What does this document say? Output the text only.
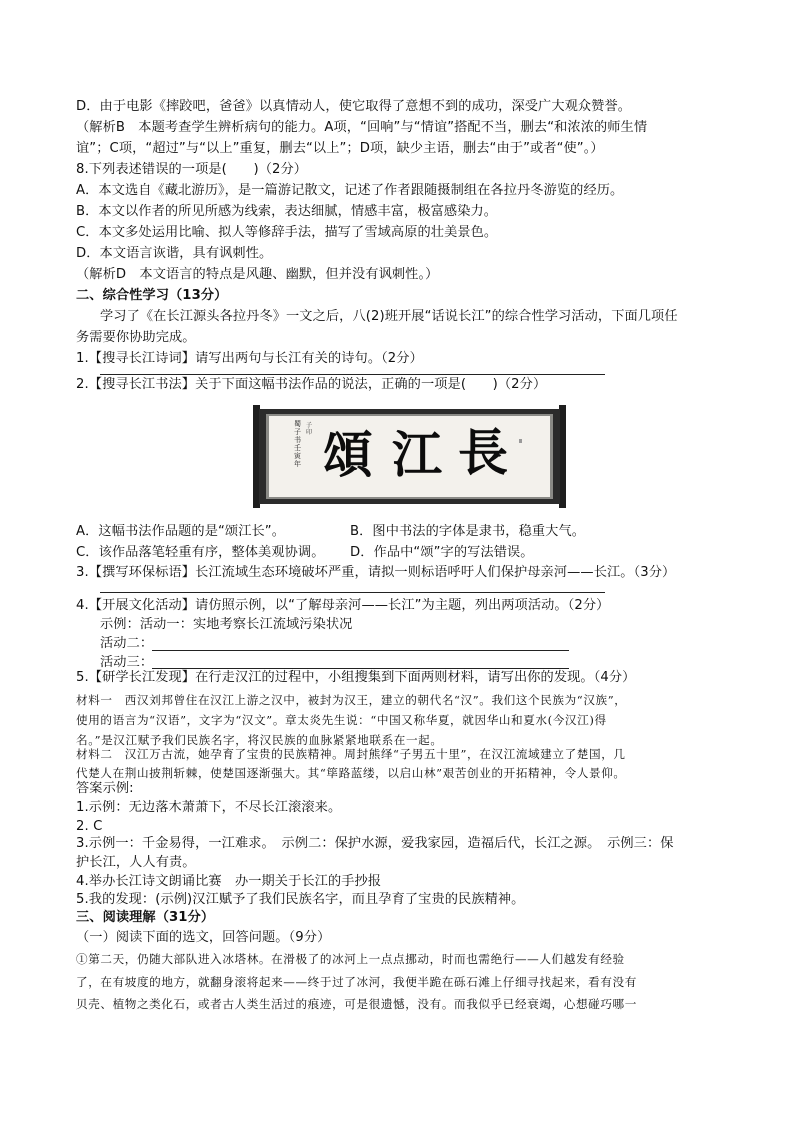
D．由于电影《摔跤吧，爸爸》以真情动人，使它取得了意想不到的成功，深受广大观众赞誉。
（解析B　本题考查学生辨析病句的能力。A项，“回响”与“情谊”搭配不当，删去“和浓浓的师生情
谊”；C项，“超过”与“以上”重复，删去“以上”；D项，缺少主语，删去“由于”或者“使”。）
8.下列表述错误的一项是(　　)（2分）
A．本文选自《藏北游历》，是一篇游记散文，记述了作者跟随摄制组在各拉丹冬游览的经历。
B．本文以作者的所见所感为线索，表达细腻，情感丰富，极富感染力。
C．本文多处运用比喻、拟人等修辞手法，描写了雪域高原的壮美景色。
D．本文语言诙谐，具有讽刺性。
（解析D　本文语言的特点是风趣、幽默，但并没有讽刺性。）
二、综合性学习（13分）
学习了《在长江源头各拉丹冬》一文之后，八(2)班开展“话说长江”的综合性学习活动，下面几项任
务需要你协助完成。
1.【搜寻长江诗词】请写出两句与长江有关的诗句。（2分）
2.【搜寻长江书法】关于下面这幅书法作品的说法，正确的一项是(　　)（2分）
頌 江 長
蜀子书壬寅年
子印
A．这幅书法作品题的是“颂江长”。	B．图中书法的字体是隶书，稳重大气。
C．该作品落笔轻重有序，整体美观协调。 D．作品中“颂”字的写法错误。
3.【撰写环保标语】长江流域生态环境破坏严重，请拟一则标语呼吁人们保护母亲河——长江。（3分）
4.【开展文化活动】请仿照示例，以“了解母亲河——长江”为主题，列出两项活动。（2分）
示例：活动一：实地考察长江流域污染状况
活动二：
活动三：
5.【研学长江发现】在行走汉江的过程中，小组搜集到下面两则材料，请写出你的发现。（4分）
材料一　西汉刘邦曾住在汉江上游之汉中，被封为汉王，建立的朝代名“汉”。我们这个民族为“汉族”，
使用的语言为“汉语”，文字为“汉文”。章太炎先生说：“中国又称华夏，就因华山和夏水(今汉江)得
名。”是汉江赋予我们民族名字，将汉民族的血脉紧紧地联系在一起。
材料二　汉江万古流，她孕育了宝贵的民族精神。周封熊绎“子男五十里”，在汉江流域建立了楚国，几
代楚人在荆山披荆斩棘，使楚国逐渐强大。其“筚路蓝缕，以启山林”艰苦创业的开拓精神，令人景仰。
答案示例:
1.示例：无边落木萧萧下，不尽长江滚滚来。
2. C
3.示例一：千金易得，一江难求。　示例二：保护水源，爱我家园，造福后代，长江之源。　示例三：保
护长江，人人有责。
4.举办长江诗文朗诵比赛　办一期关于长江的手抄报
5.我的发现：(示例)汉江赋予了我们民族名字，而且孕育了宝贵的民族精神。
三、阅读理解（31分）
（一）阅读下面的选文，回答问题。（9分）
①第二天，仍随大部队进入冰塔林。在滑极了的冰河上一点点挪动，时而也需绝行——人们越发有经验
了，在有坡度的地方，就翻身滚将起来——终于过了冰河，我便半跪在砾石滩上仔细寻找起来，看有没有
贝壳、植物之类化石，或者古人类生活过的痕迹，可是很遗憾，没有。而我似乎已经衰竭，心想碰巧哪一
